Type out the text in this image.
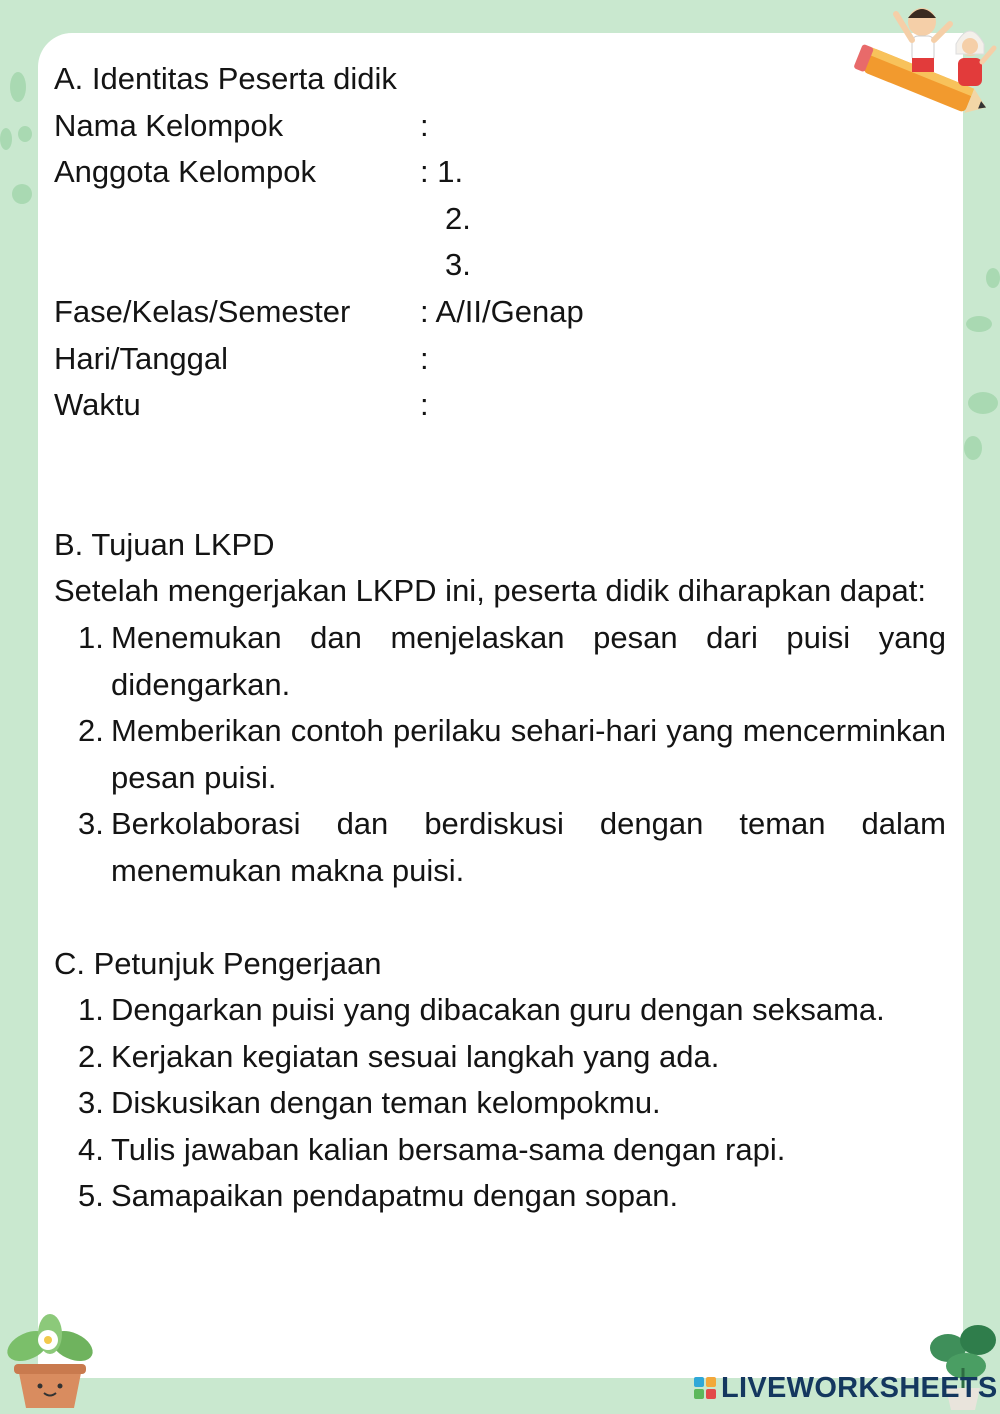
A. Identitas Peserta didik
Nama Kelompok	:
Anggota Kelompok	: 1.
2.
3.
Fase/Kelas/Semester : A/II/Genap
Hari/Tanggal	:
Waktu	:
B. Tujuan LKPD
Setelah mengerjakan LKPD ini, peserta didik diharapkan dapat:
1. Menemukan dan menjelaskan pesan dari puisi yang didengarkan.
2. Memberikan contoh perilaku sehari-hari yang mencerminkan pesan puisi.
3. Berkolaborasi dan berdiskusi dengan teman dalam menemukan makna puisi.
C. Petunjuk Pengerjaan
1. Dengarkan puisi yang dibacakan guru dengan seksama.
2. Kerjakan kegiatan sesuai langkah yang ada.
3. Diskusikan dengan teman kelompokmu.
4. Tulis jawaban kalian bersama-sama dengan rapi.
5. Samapaikan pendapatmu dengan sopan.
LIVEWORKSHEETS
